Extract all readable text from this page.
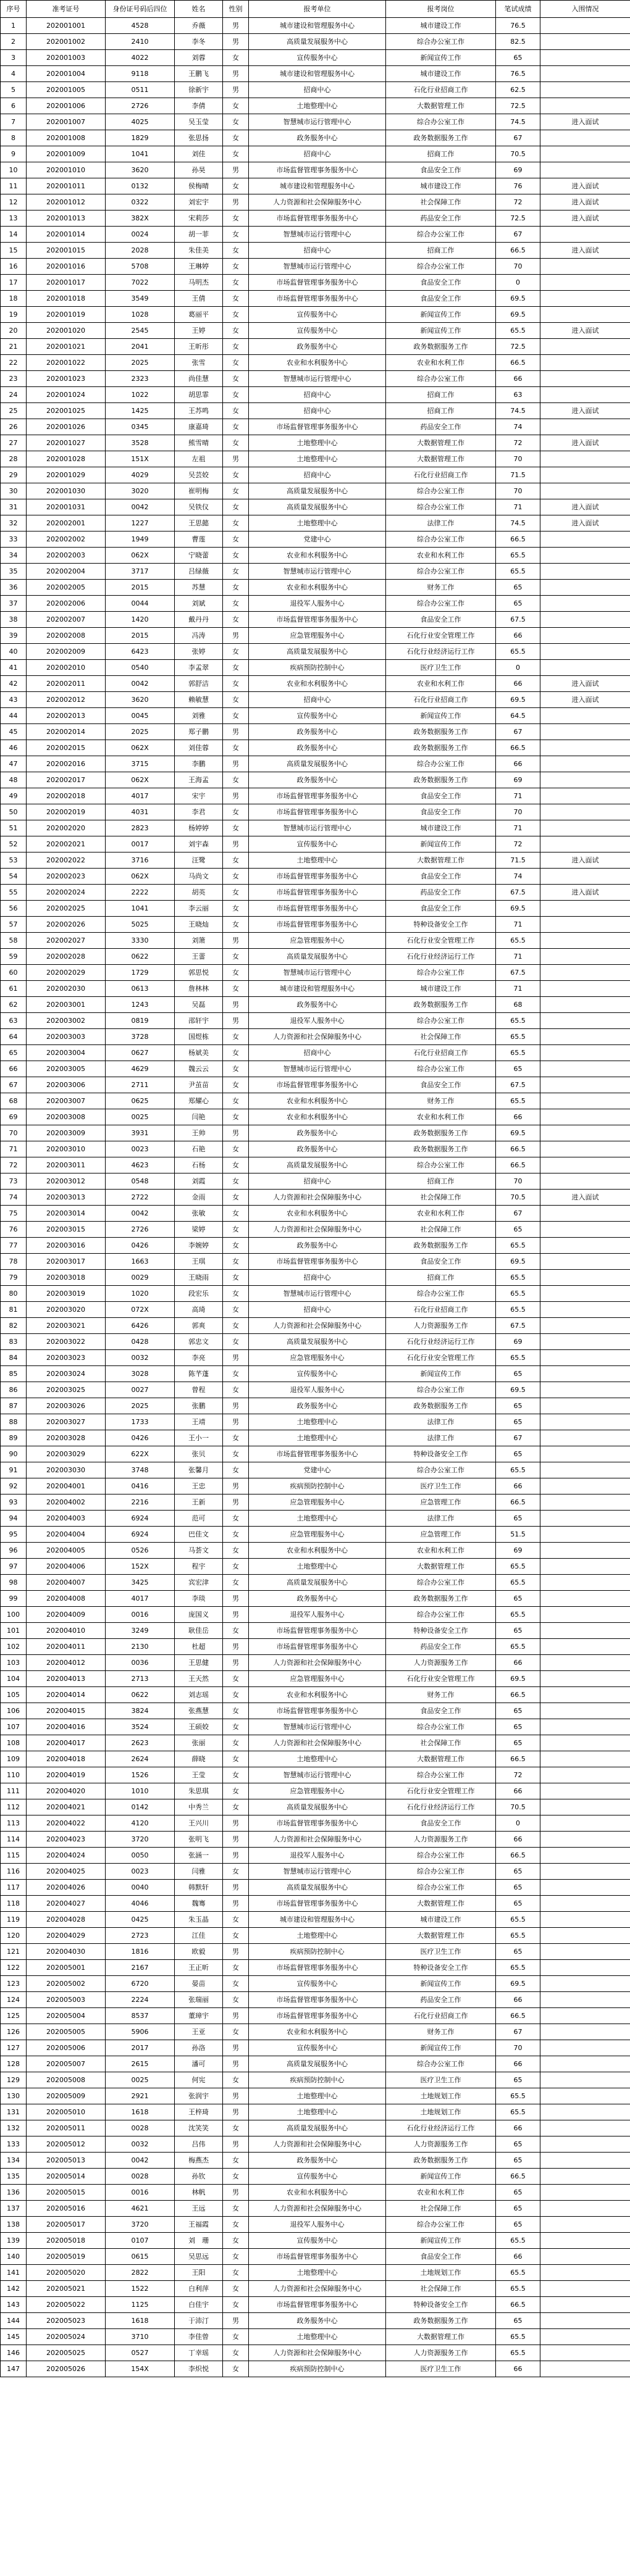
序号	准考证号	身份证号码后四位	姓名	性别	报考单位	报考岗位	笔试成绩	入围情况
1	202001001	4528	乔薇	男	城市建设和管理服务中心	城市建设工作	76.5	
2	202001002	2410	李冬	男	高质量发展服务中心	综合办公室工作	82.5	
3	202001003	4022	刘蓉	女	宣传服务中心	新闻宣传工作	65	
4	202001004	9118	王鹏飞	男	城市建设和管理服务中心	城市建设工作	76.5	
5	202001005	0511	徐新宇	男	招商中心	石化行业招商工作	62.5	
6	202001006	2726	李倩	女	土地整理中心	大数据管理工作	72.5	
7	202001007	4025	吴玉莹	女	智慧城市运行管理中心	综合办公室工作	74.5	进入面试
8	202001008	1829	张思扬	女	政务服务中心	政务数据服务工作	67	
9	202001009	1041	刘佳	女	招商中心	招商工作	70.5	
10	202001010	3620	孙昊	男	市场监督管理事务服务中心	食品安全工作	69	
11	202001011	0132	侯梅晴	女	城市建设和管理服务中心	城市建设工作	76	进入面试
12	202001012	0322	刘宏宇	男	人力资源和社会保障服务中心	社会保障工作	72	进入面试
13	202001013	382X	宋莉莎	女	市场监督管理事务服务中心	药品安全工作	72.5	进入面试
14	202001014	0024	胡一菲	女	智慧城市运行管理中心	综合办公室工作	67	
15	202001015	2028	朱佳美	女	招商中心	招商工作	66.5	进入面试
16	202001016	5708	王琳婷	女	智慧城市运行管理中心	综合办公室工作	70	
17	202001017	7022	马明杰	女	市场监督管理事务服务中心	食品安全工作	0	
18	202001018	3549	王倩	女	市场监督管理事务服务中心	食品安全工作	69.5	
19	202001019	1028	葛丽平	女	宣传服务中心	新闻宣传工作	69.5	
20	202001020	2545	王婷	女	宣传服务中心	新闻宣传工作	65.5	进入面试
21	202001021	2041	王昕彤	女	政务服务中心	政务数据服务工作	72.5	
22	202001022	2025	张雪	女	农业和水利服务中心	农业和水利工作	66.5	
23	202001023	2323	尚佳慧	女	智慧城市运行管理中心	综合办公室工作	66	
24	202001024	1022	胡思霏	女	招商中心	招商工作	63	
25	202001025	1425	王苏鸣	女	招商中心	招商工作	74.5	进入面试
26	202001026	0345	康嘉琦	女	市场监督管理事务服务中心	药品安全工作	74	
27	202001027	3528	熊雪晴	女	土地整理中心	大数据管理工作	72	进入面试
28	202001028	151X	左祖	男	土地整理中心	大数据管理工作	70	
29	202001029	4029	吴芸姣	女	招商中心	石化行业招商工作	71.5	
30	202001030	3020	崔明梅	女	高质量发展服务中心	综合办公室工作	70	
31	202001031	0042	吴铁仪	女	高质量发展服务中心	综合办公室工作	71	进入面试
32	202002001	1227	王思懿	女	土地整理中心	法律工作	74.5	进入面试
33	202002002	1949	曹莲	女	党建中心	综合办公室工作	66.5	
34	202002003	062X	宁晓蕾	女	农业和水利服务中心	农业和水利工作	65.5	
35	202002004	3717	吕绿薇	女	智慧城市运行管理中心	综合办公室工作	65.5	
36	202002005	2015	苏慧	女	农业和水利服务中心	财务工作	65	
37	202002006	0044	刘斌	女	退役军人服务中心	综合办公室工作	65	
38	202002007	1420	戴丹丹	女	市场监督管理事务服务中心	食品安全工作	67.5	
39	202002008	2015	冯涛	男	应急管理服务中心	石化行业安全管理工作	66	
40	202002009	6423	张婷	女	高质量发展服务中心	石化行业经济运行工作	65.5	
41	202002010	0540	李孟翠	女	疾病预防控制中心	医疗卫生工作	0	
42	202002011	0042	郭舒洁	女	农业和水利服务中心	农业和水利工作	66	进入面试
43	202002012	3620	赖敏慧	女	招商中心	石化行业招商工作	69.5	进入面试
44	202002013	0045	刘雅	女	宣传服务中心	新闻宣传工作	64.5	
45	202002014	2025	郑子鹏	男	政务服务中心	政务数据服务工作	67	
46	202002015	062X	刘佳蓉	女	政务服务中心	政务数据服务工作	66.5	
47	202002016	3715	李鹏	男	高质量发展服务中心	综合办公室工作	66	
48	202002017	062X	王海孟	女	政务服务中心	政务数据服务工作	69	
49	202002018	4017	宋宇	男	市场监督管理事务服务中心	食品安全工作	71	
50	202002019	4031	李君	女	市场监督管理事务服务中心	食品安全工作	70	
51	202002020	2823	杨婷婷	女	智慧城市运行管理中心	城市建设工作	71	
52	202002021	0017	刘宇森	男	宣传服务中心	新闻宣传工作	72	
53	202002022	3716	汪鹭	女	土地整理中心	大数据管理工作	71.5	进入面试
54	202002023	062X	马尚文	女	市场监督管理事务服务中心	食品安全工作	74	
55	202002024	2222	胡英	女	市场监督管理事务服务中心	药品安全工作	67.5	进入面试
56	202002025	1041	李云丽	女	市场监督管理事务服务中心	食品安全工作	69.5	
57	202002026	5025	王晓灿	女	市场监督管理事务服务中心	特种设备安全工作	71	
58	202002027	3330	刘箫	男	应急管理服务中心	石化行业安全管理工作	65.5	
59	202002028	0622	王蕾	女	高质量发展服务中心	石化行业经济运行工作	71	
60	202002029	1729	郭思悦	女	智慧城市运行管理中心	综合办公室工作	67.5	
61	202002030	0613	詹林林	女	城市建设和管理服务中心	城市建设工作	71	
62	202003001	1243	吴磊	男	政务服务中心	政务数据服务工作	68	
63	202003002	0819	邵轩宇	男	退役军人服务中心	综合办公室工作	65.5	
64	202003003	3728	国煜栋	女	人力资源和社会保障服务中心	社会保障工作	65.5	
65	202003004	0627	杨斌美	女	招商中心	石化行业招商工作	65.5	
66	202003005	4629	魏云云	女	智慧城市运行管理中心	综合办公室工作	65	
67	202003006	2711	尹茧苗	女	市场监督管理事务服务中心	食品安全工作	67.5	
68	202003007	0625	郑耀心	女	农业和水利服务中心	财务工作	65.5	
69	202003008	0025	闫艳	女	农业和水利服务中心	农业和水利工作	66	
70	202003009	3931	王帅	男	政务服务中心	政务数据服务工作	69.5	
71	202003010	0023	石艳	女	政务服务中心	政务数据服务工作	66.5	
72	202003011	4623	石杨	女	高质量发展服务中心	综合办公室工作	66.5	
73	202003012	0548	刘霞	女	招商中心	招商工作	70	
74	202003013	2722	金雨	女	人力资源和社会保障服务中心	社会保障工作	70.5	进入面试
75	202003014	0042	张敏	女	农业和水利服务中心	农业和水利工作	67	
76	202003015	2726	梁婷	女	人力资源和社会保障服务中心	社会保障工作	65	
77	202003016	0426	李婉婷	女	政务服务中心	政务数据服务工作	65.5	
78	202003017	1663	王琪	女	市场监督管理事务服务中心	食品安全工作	69.5	
79	202003018	0029	王晓雨	女	招商中心	招商工作	65.5	
80	202003019	1020	段宏乐	女	智慧城市运行管理中心	综合办公室工作	65.5	
81	202003020	072X	高琦	女	招商中心	石化行业招商工作	65.5	
82	202003021	6426	郭爽	女	人力资源和社会保障服务中心	人力资源服务工作	67.5	
83	202003022	0428	郭忠文	女	高质量发展服务中心	石化行业经济运行工作	69	
84	202003023	0032	李亮	男	应急管理服务中心	石化行业安全管理工作	65.5	
85	202003024	3028	陈芊蓬	女	宣传服务中心	新闻宣传工作	65	
86	202003025	0027	曾程	女	退役军人服务中心	综合办公室工作	69.5	
87	202003026	2025	张鹏	男	政务服务中心	政务数据服务工作	65	
88	202003027	1733	王靖	男	土地整理中心	法律工作	65	
89	202003028	0426	王小一	女	土地整理中心	法律工作	67	
90	202003029	622X	张贝	女	市场监督管理事务服务中心	特种设备安全工作	65	
91	202003030	3748	张馨月	女	党建中心	综合办公室工作	65.5	
92	202004001	0416	王忠	男	疾病预防控制中心	医疗卫生工作	66	
93	202004002	2216	王新	男	应急管理服务中心	应急管理工作	66.5	
94	202004003	6924	范可	女	土地整理中心	法律工作	65	
95	202004004	6924	巴佳文	女	应急管理服务中心	应急管理工作	51.5	
96	202004005	0526	马荟文	女	农业和水利服务中心	农业和水利工作	69	
97	202004006	152X	程宇	女	土地整理中心	大数据管理工作	65.5	
98	202004007	3425	宾宏津	女	高质量发展服务中心	综合办公室工作	65.5	
99	202004008	4017	李琰	男	政务服务中心	政务数据服务工作	65	
100	202004009	0016	庞国义	男	退役军人服务中心	综合办公室工作	65.5	
101	202004010	3249	耿佳岳	女	市场监督管理事务服务中心	特种设备安全工作	65	
102	202004011	2130	杜超	男	市场监督管理事务服务中心	药品安全工作	65.5	
103	202004012	0036	王思健	男	人力资源和社会保障服务中心	人力资源服务工作	66	
104	202004013	2713	王天然	女	应急管理服务中心	石化行业安全管理工作	69.5	
105	202004014	0622	刘志瑶	女	农业和水利服务中心	财务工作	66.5	
106	202004015	3824	张燕慧	女	市场监督管理事务服务中心	食品安全工作	65	
107	202004016	3524	王硕姣	女	智慧城市运行管理中心	综合办公室工作	65	
108	202004017	2623	张丽	女	人力资源和社会保障服务中心	社会保障工作	65	
109	202004018	2624	薛晓	女	土地整理中心	大数据管理工作	66.5	
110	202004019	1526	王莹	女	智慧城市运行管理中心	综合办公室工作	72	
111	202004020	1010	朱思琪	女	应急管理服务中心	石化行业安全管理工作	66	
112	202004021	0142	中秀兰	女	高质量发展服务中心	石化行业经济运行工作	70.5	
113	202004022	4120	王兴川	男	市场监督管理事务服务中心	食品安全工作	0	
114	202004023	3720	张明飞	男	人力资源和社会保障服务中心	人力资源服务工作	66	
115	202004024	0050	张涵一	男	退役军人服务中心	综合办公室工作	66.5	
116	202004025	0023	闫雅	女	智慧城市运行管理中心	综合办公室工作	65	
117	202004026	0040	韩默轩	男	高质量发展服务中心	综合办公室工作	65	
118	202004027	4046	魏骞	男	市场监督管理事务服务中心	大数据管理工作	65	
119	202004028	0425	朱玉晶	女	城市建设和管理服务中心	城市建设工作	65.5	
120	202004029	2723	江佳	女	土地整理中心	大数据管理工作	65.5	
121	202004030	1816	欧毅	男	疾病预防控制中心	医疗卫生工作	65	
122	202005001	2167	王正昕	女	市场监督管理事务服务中心	特种设备安全工作	65.5	
123	202005002	6720	晏苗	女	宣传服务中心	新闻宣传工作	69.5	
124	202005003	2224	张瑞丽	女	市场监督管理事务服务中心	药品安全工作	66	
125	202005004	8537	董璋宇	男	市场监督管理事务服务中心	石化行业招商工作	66.5	
126	202005005	5906	王亚	女	农业和水利服务中心	财务工作	67	
127	202005006	2017	孙洛	男	宣传服务中心	新闻宣传工作	70	
128	202005007	2615	潘可	男	高质量发展服务中心	综合办公室工作	66	
129	202005008	0025	何宪	女	疾病预防控制中心	医疗卫生工作	65	
130	202005009	2921	张润宇	男	土地整理中心	土地规划工作	65.5	
131	202005010	1618	王梓琦	男	土地整理中心	土地规划工作	65.5	
132	202005011	0028	沈笑笑	女	高质量发展服务中心	石化行业经济运行工作	66	
133	202005012	0032	吕伟	男	人力资源和社会保障服务中心	人力资源服务工作	65	
134	202005013	0042	梅燕杰	女	政务服务中心	政务数据服务工作	65	
135	202005014	0028	孙钦	女	宣传服务中心	新闻宣传工作	66.5	
136	202005015	0016	林帆	男	农业和水利服务中心	农业和水利工作	65	
137	202005016	4621	王远	女	人力资源和社会保障服务中心	社会保障工作	65	
138	202005017	3720	王福霞	女	退役军人服务中心	综合办公室工作	65	
139	202005018	0107	刘　珊	女	宣传服务中心	新闻宣传工作	65.5	
140	202005019	0615	吴思远	女	市场监督管理事务服务中心	食品安全工作	66	
141	202005020	2822	王阳	女	土地整理中心	土地规划工作	65.5	
142	202005021	1522	白利萍	女	人力资源和社会保障服务中心	社会保障工作	65.5	
143	202005022	1125	白佳宇	女	市场监督管理事务服务中心	特种设备安全工作	66.5	
144	202005023	1618	于沛汀	男	政务服务中心	政务数据服务工作	65	
145	202005024	3710	李佳曾	女	土地整理中心	大数据管理工作	65.5	
146	202005025	0527	丁幸瑶	女	人力资源和社会保障服务中心	人力资源服务工作	65.5	
147	202005026	154X	李炽悦	女	疾病预防控制中心	医疗卫生工作	66	
